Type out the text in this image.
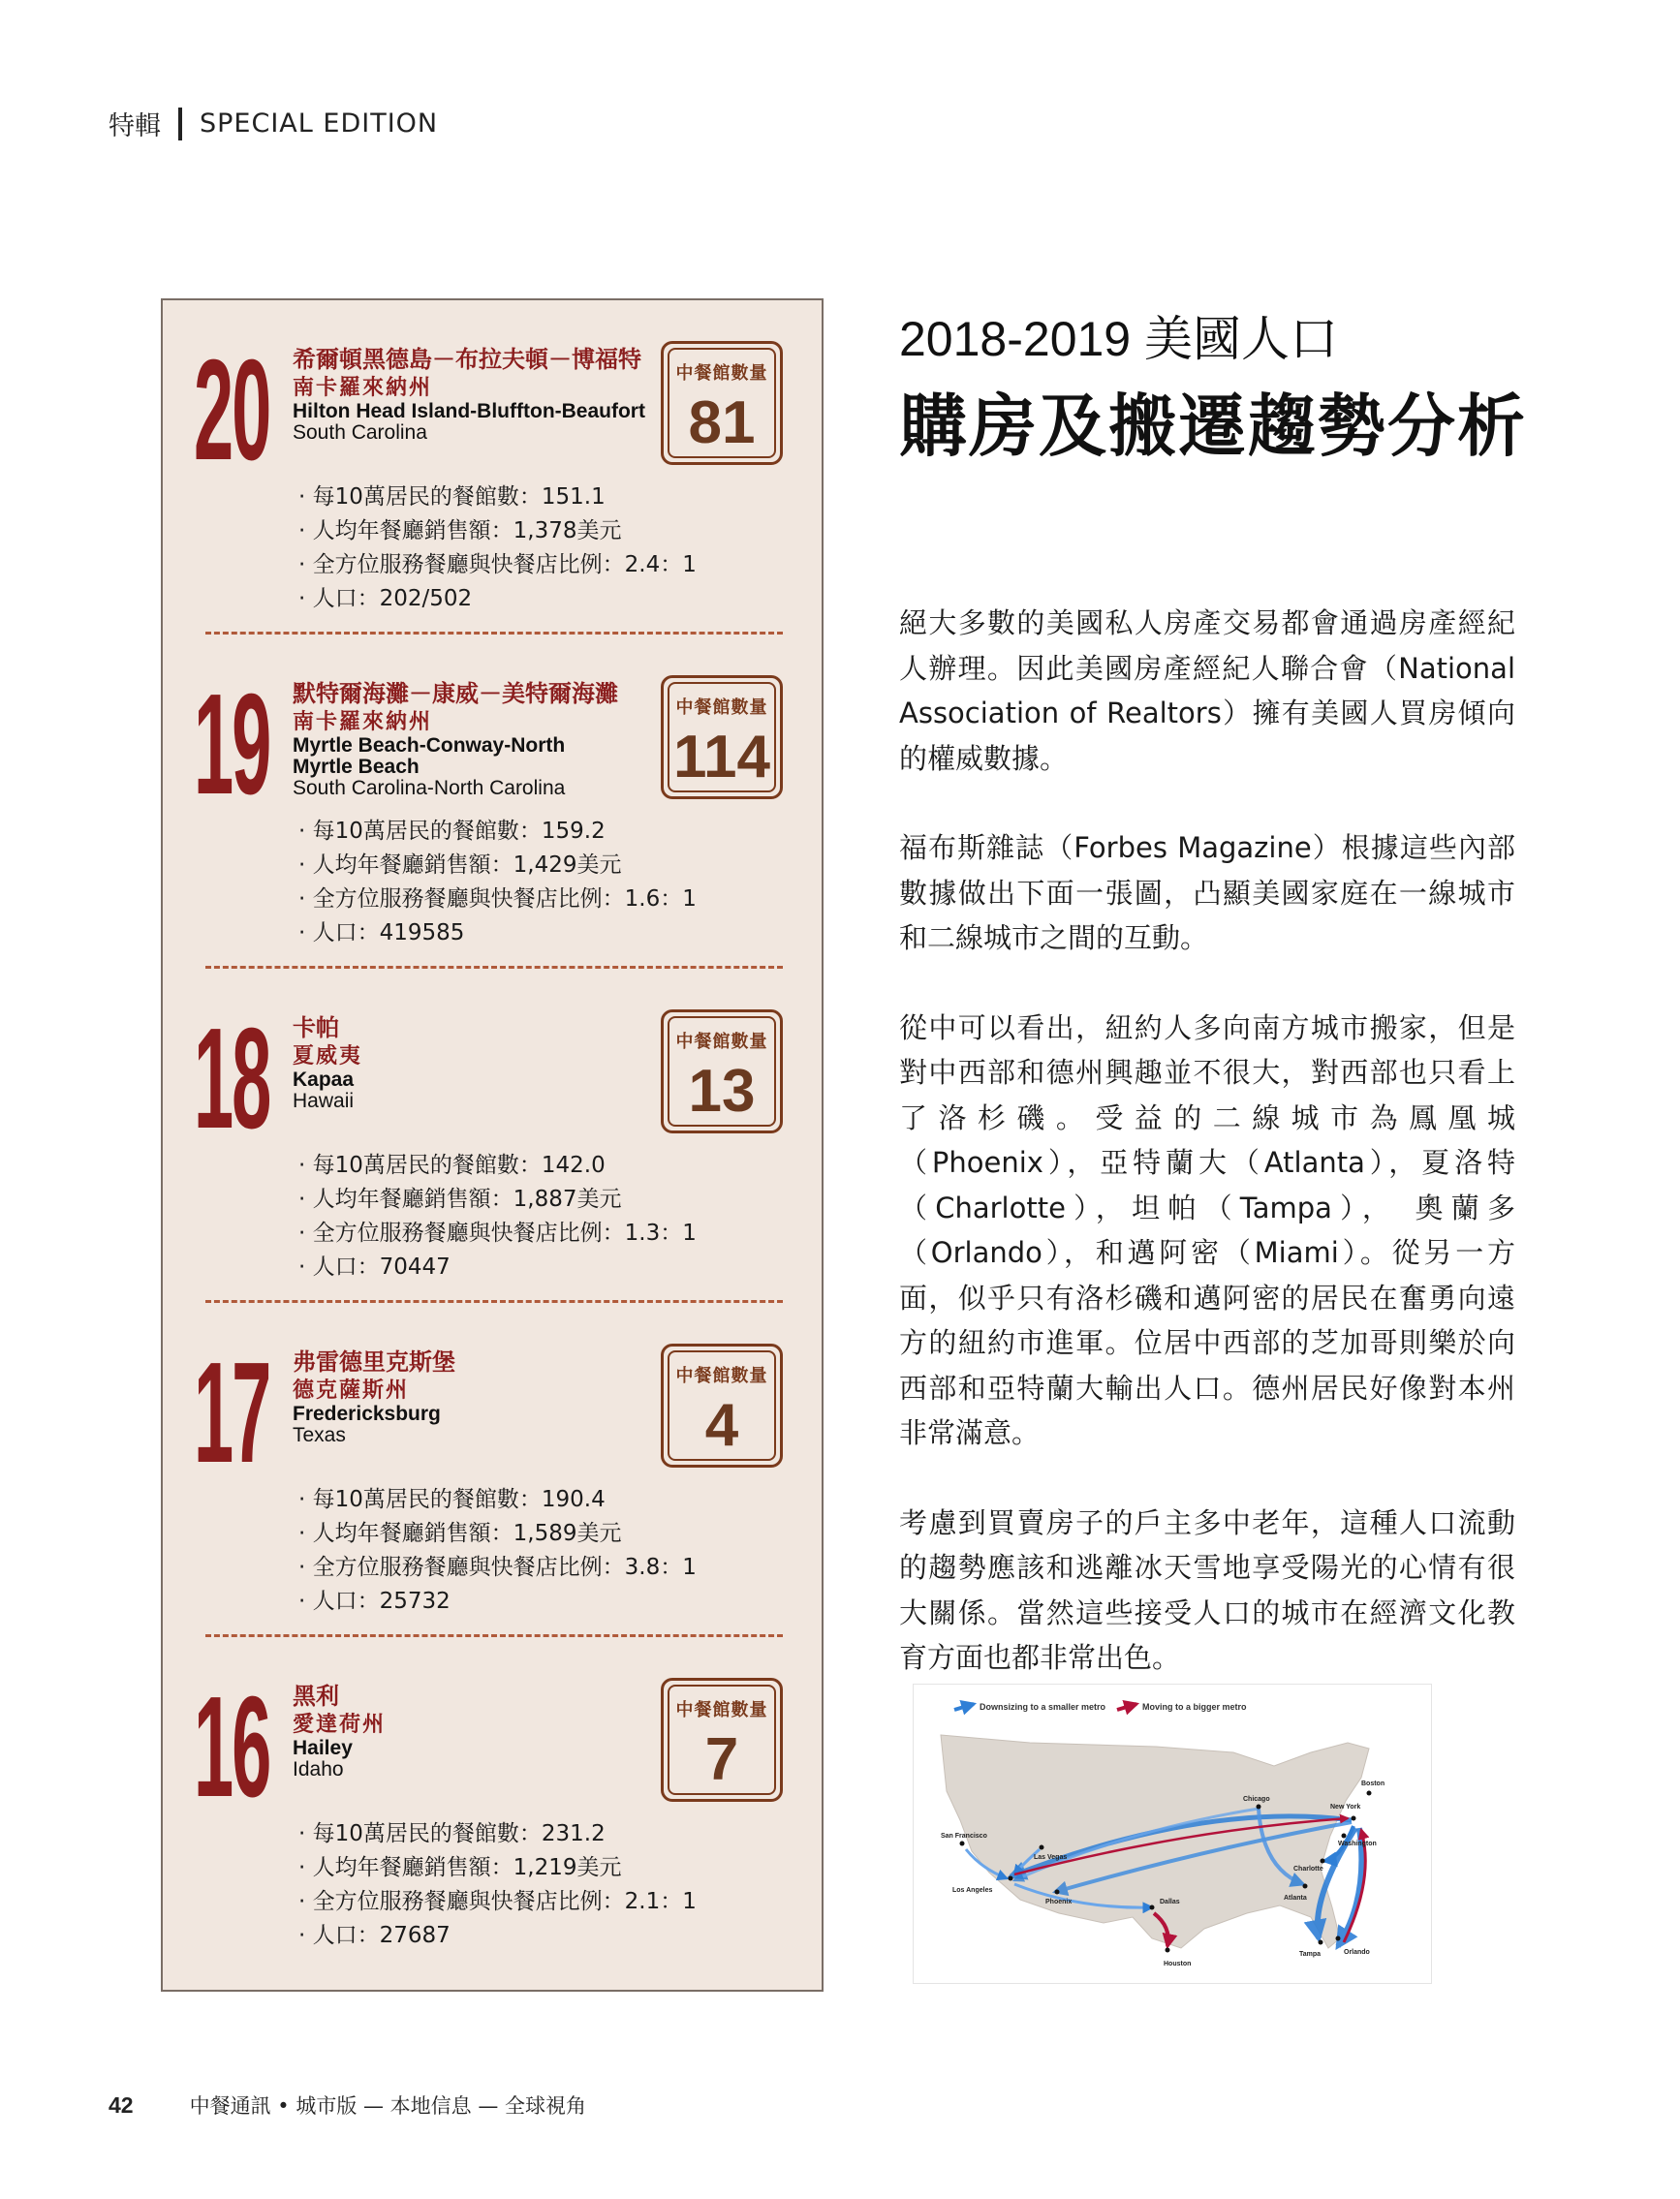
特輯 SPECIAL EDITION
20 希爾頓黑德島－布拉夫頓－博福特
南卡羅來納州
Hilton Head Island-Bluffton-Beaufort
South Carolina
中餐館數量
81
· 每10萬居民的餐館數：151.1
· 人均年餐廳銷售額：1,378美元
· 全方位服務餐廳與快餐店比例：2.4：1
· 人口：202/502
19 默特爾海灘－康威－美特爾海灘
南卡羅來納州
Myrtle Beach-Conway-North Myrtle Beach
South Carolina-North Carolina
中餐館數量
114
· 每10萬居民的餐館數：159.2
· 人均年餐廳銷售額：1,429美元
· 全方位服務餐廳與快餐店比例：1.6：1
· 人口：419585
18 卡帕
夏威夷
Kapaa
Hawaii
中餐館數量
13
· 每10萬居民的餐館數：142.0
· 人均年餐廳銷售額：1,887美元
· 全方位服務餐廳與快餐店比例：1.3：1
· 人口：70447
17 弗雷德里克斯堡
德克薩斯州
Fredericksburg
Texas
中餐館數量
4
· 每10萬居民的餐館數：190.4
· 人均年餐廳銷售額：1,589美元
· 全方位服務餐廳與快餐店比例：3.8：1
· 人口：25732
16 黑利
愛達荷州
Hailey
Idaho
中餐館數量
7
· 每10萬居民的餐館數：231.2
· 人均年餐廳銷售額：1,219美元
· 全方位服務餐廳與快餐店比例：2.1：1
· 人口：27687
2018-2019 美國人口
購房及搬遷趨勢分析

絕大多數的美國私人房產交易都會通過房產經紀人辦理。因此美國房產經紀人聯合會（National Association of Realtors）擁有美國人買房傾向的權威數據。

福布斯雜誌（Forbes Magazine）根據這些內部數據做出下面一張圖，凸顯美國家庭在一線城市和二線城市之間的互動。

從中可以看出，紐約人多向南方城市搬家，但是對中西部和德州興趣並不很大，對西部也只看上了洛杉磯。受益的二線城市為鳳凰城（Phoenix），亞特蘭大（Atlanta），夏洛特（Charlotte），坦帕（Tampa）， 奧蘭多（Orlando），和邁阿密（Miami）。從另一方面，似乎只有洛杉磯和邁阿密的居民在奮勇向遠方的紐約市進軍。位居中西部的芝加哥則樂於向西部和亞特蘭大輸出人口。德州居民好像對本州非常滿意。

考慮到買賣房子的戶主多中老年，這種人口流動的趨勢應該和逃離冰天雪地享受陽光的心情有很大關係。當然這些接受人口的城市在經濟文化教育方面也都非常出色。

Downsizing to a smaller metro	Moving to a bigger metro
Boston
New York
Chicago
Washington
San Francisco
Las Vegas
Charlotte
Los Angeles
Phoenix
Atlanta
Dallas
Tampa	Orlando
Houston
42	中餐通訊 • 城市版 — 本地信息 — 全球視角
